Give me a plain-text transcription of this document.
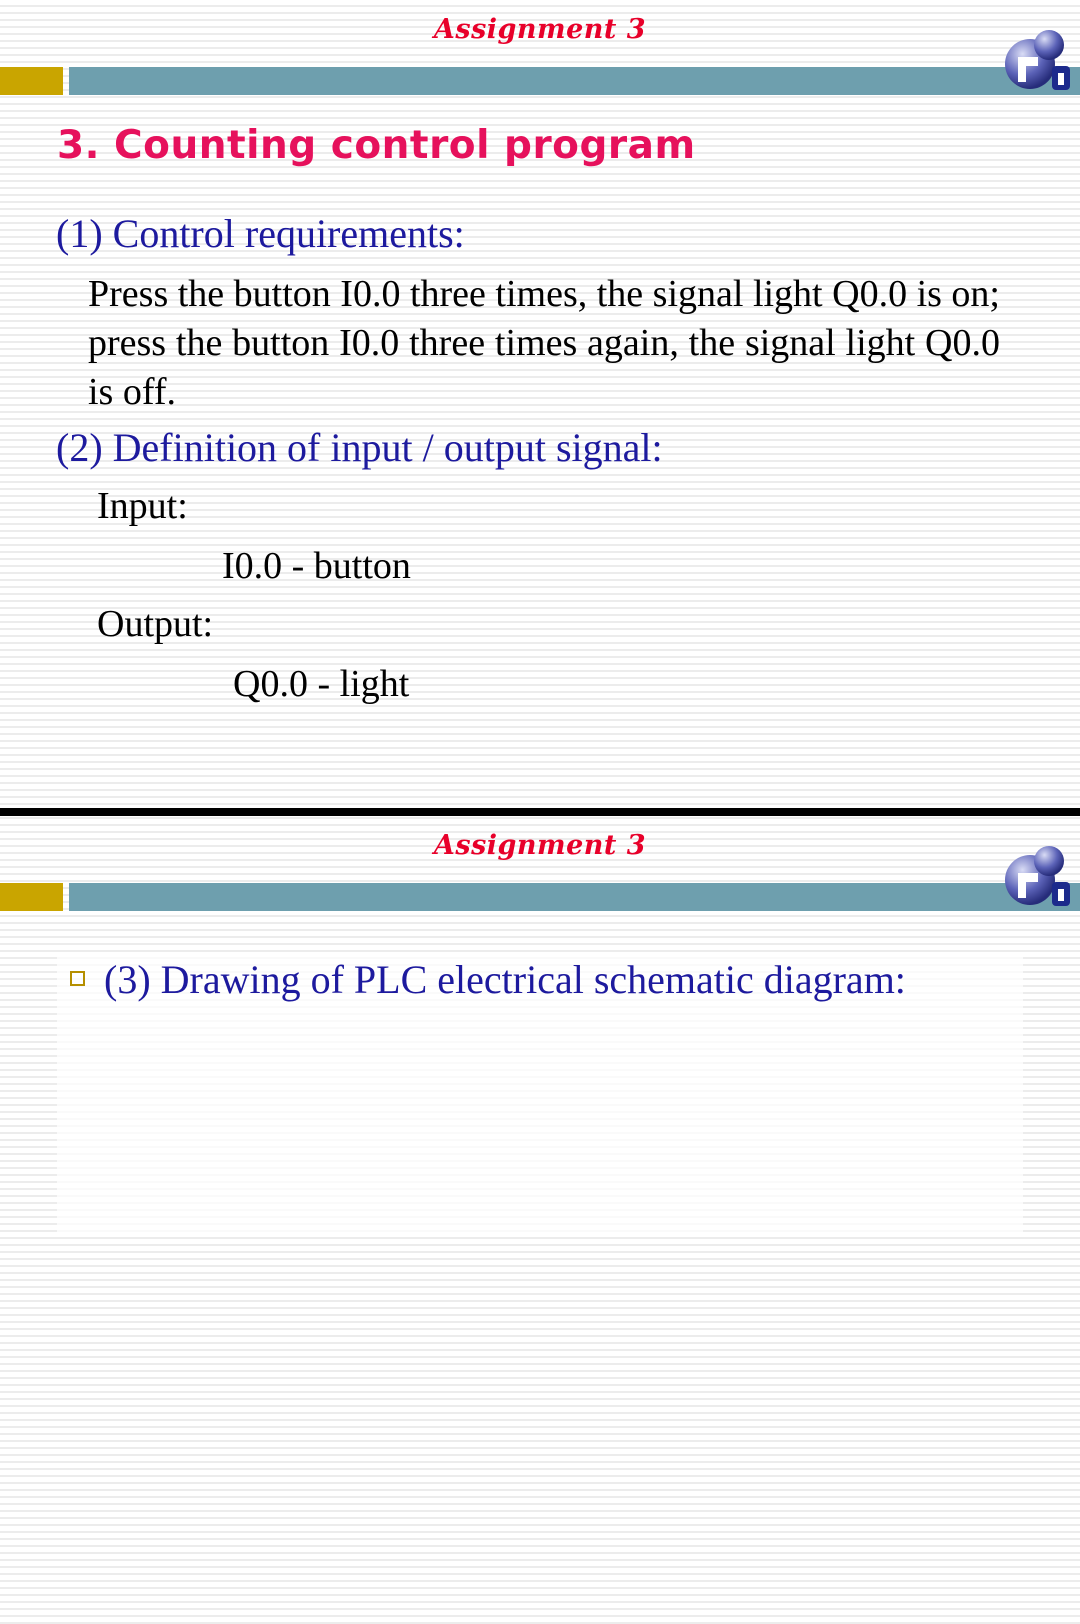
Assignment 3
3. Counting control program
(1) Control requirements:
Press the button I0.0 three times, the signal light Q0.0 is on; press the button I0.0 three times again, the signal light Q0.0 is off.
(2) Definition of input / output signal:
Input:
I0.0 - button
Output:
Q0.0 - light
Assignment 3
(3) Drawing of PLC electrical schematic diagram:
